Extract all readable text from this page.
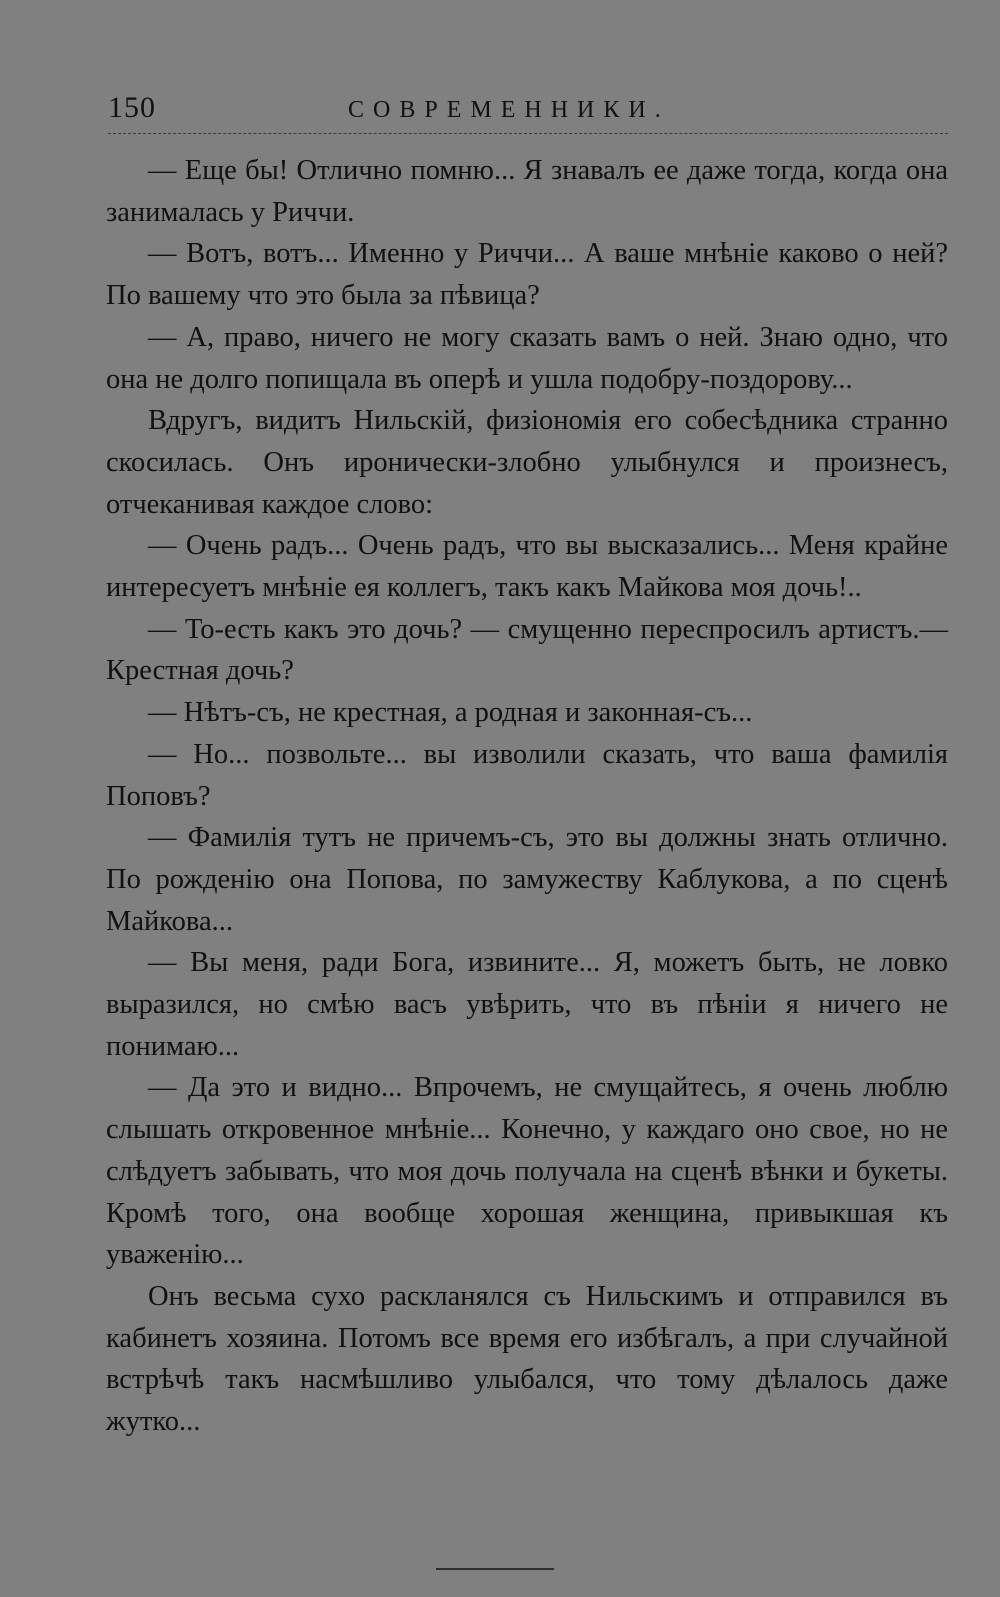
150	СОВРЕМЕННИКИ.

— Еще бы! Отлично помню... Я знавалъ ее даже тогда, когда она занималась у Риччи.

— Вотъ, вотъ... Именно у Риччи... А ваше мнѣніе каково о ней? По вашему что это была за пѣвица?

— А, право, ничего не могу сказать вамъ о ней. Знаю одно, что она не долго попищала въ оперѣ и ушла подобру-поздорову...

Вдругъ, видитъ Нильскій, физіономія его собесѣдника странно скосилась. Онъ иронически-злобно улыбнулся и произнесъ, отчеканивая каждое слово:

— Очень радъ... Очень радъ, что вы высказались... Меня крайне интересуетъ мнѣніе ея коллегъ, такъ какъ Майкова моя дочь!..

— То-есть какъ это дочь? — смущенно переспросилъ артистъ.—Крестная дочь?

— Нѣтъ-съ, не крестная, а родная и законная-съ...

— Но... позвольте... вы изволили сказать, что ваша фамилія Поповъ?

— Фамилія тутъ не причемъ-съ, это вы должны знать отлично. По рожденію она Попова, по замужеству Каблукова, а по сценѣ Майкова...

— Вы меня, ради Бога, извините... Я, можетъ быть, не ловко выразился, но смѣю васъ увѣрить, что въ пѣніи я ничего не понимаю...

— Да это и видно... Впрочемъ, не смущайтесь, я очень люблю слышать откровенное мнѣніе... Конечно, у каждаго оно свое, но не слѣдуетъ забывать, что моя дочь получала на сценѣ вѣнки и букеты. Кромѣ того, она вообще хорошая женщина, привыкшая къ уваженію...

Онъ весьма сухо раскланялся съ Нильскимъ и отправился въ кабинетъ хозяина. Потомъ все время его избѣгалъ, а при случайной встрѣчѣ такъ насмѣшливо улыбался, что тому дѣлалось даже жутко...
